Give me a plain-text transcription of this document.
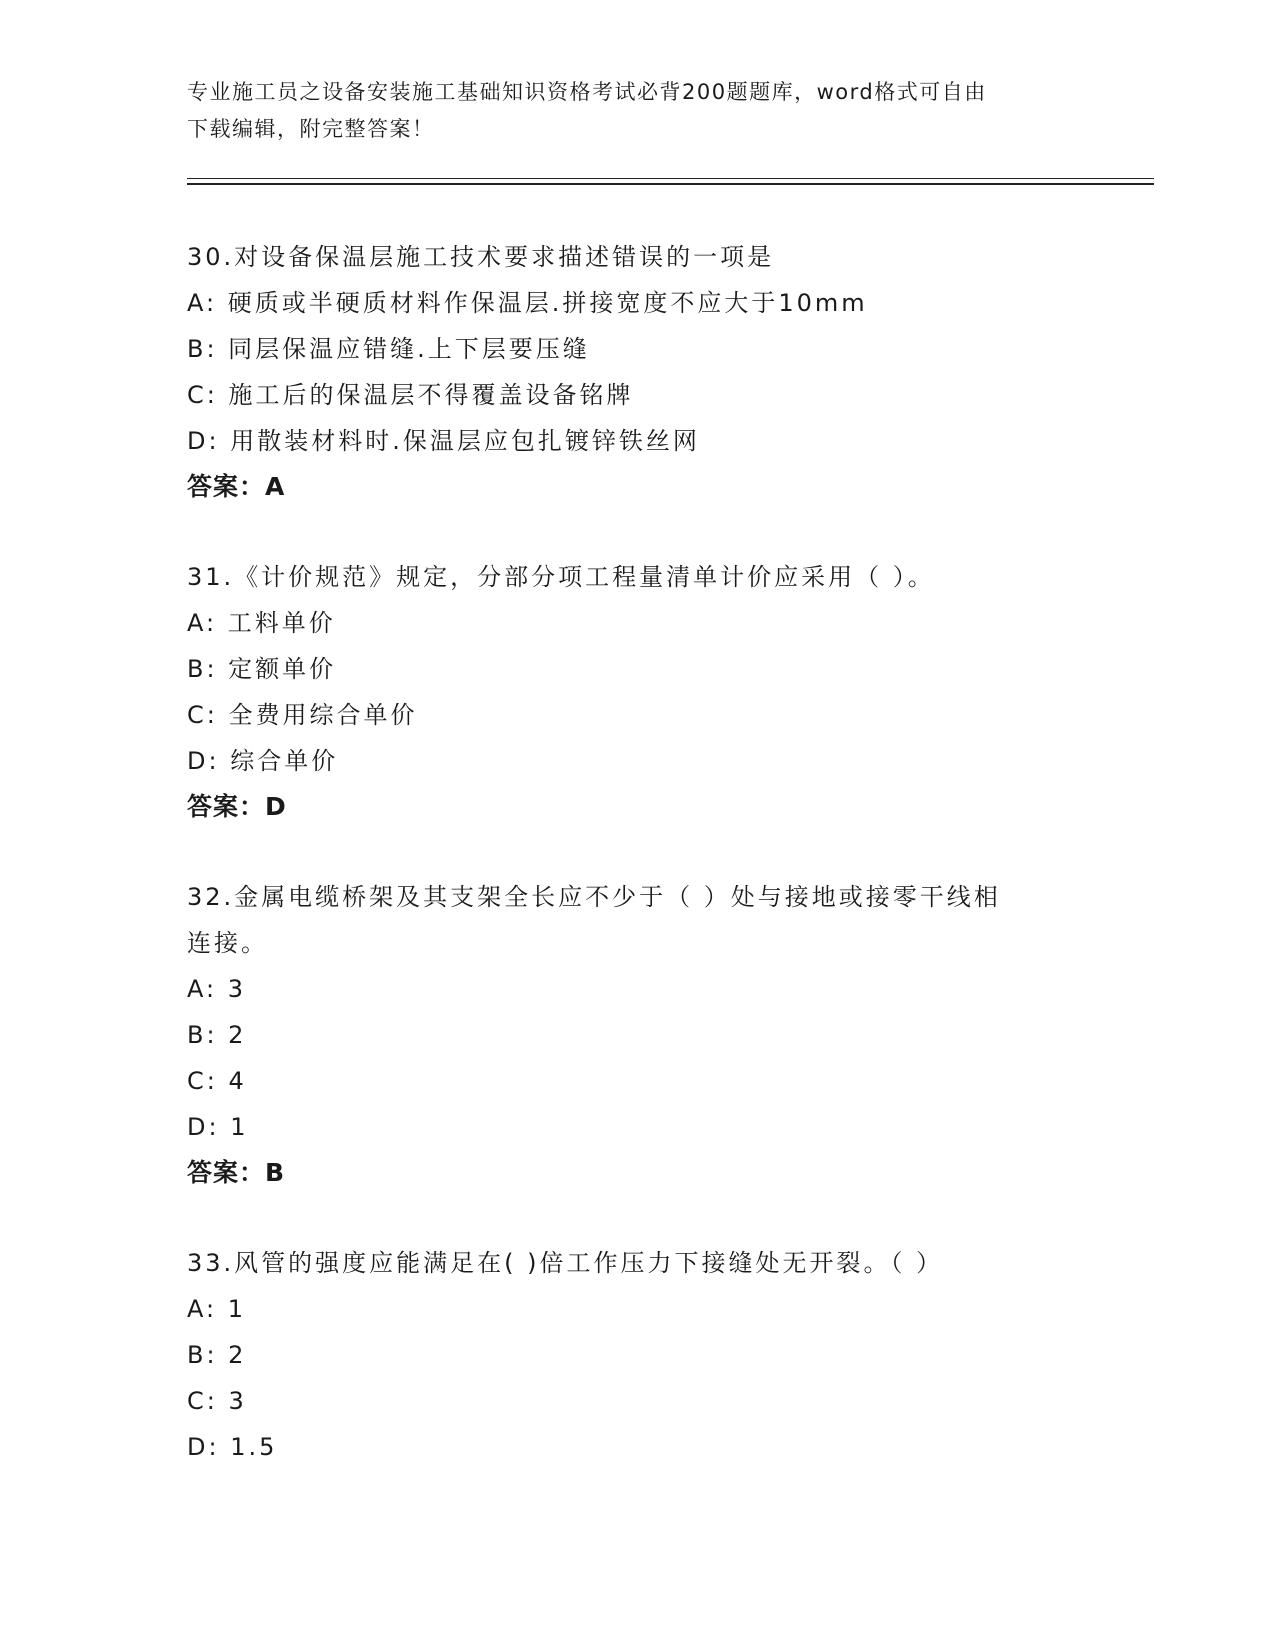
专业施工员之设备安装施工基础知识资格考试必背200题题库，word格式可自由
下载编辑，附完整答案！
30.对设备保温层施工技术要求描述错误的一项是
A: 硬质或半硬质材料作保温层.拼接宽度不应大于10mm
B: 同层保温应错缝.上下层要压缝
C: 施工后的保温层不得覆盖设备铭牌
D: 用散装材料时.保温层应包扎镀锌铁丝网
答案：A
31.《计价规范》规定，分部分项工程量清单计价应采用（ ）。
A: 工料单价
B: 定额单价
C: 全费用综合单价
D: 综合单价
答案：D
32.金属电缆桥架及其支架全长应不少于（ ）处与接地或接零干线相
连接。
A: 3
B: 2
C: 4
D: 1
答案：B
33.风管的强度应能满足在( )倍工作压力下接缝处无开裂。（ ）
A: 1
B: 2
C: 3
D: 1.5
